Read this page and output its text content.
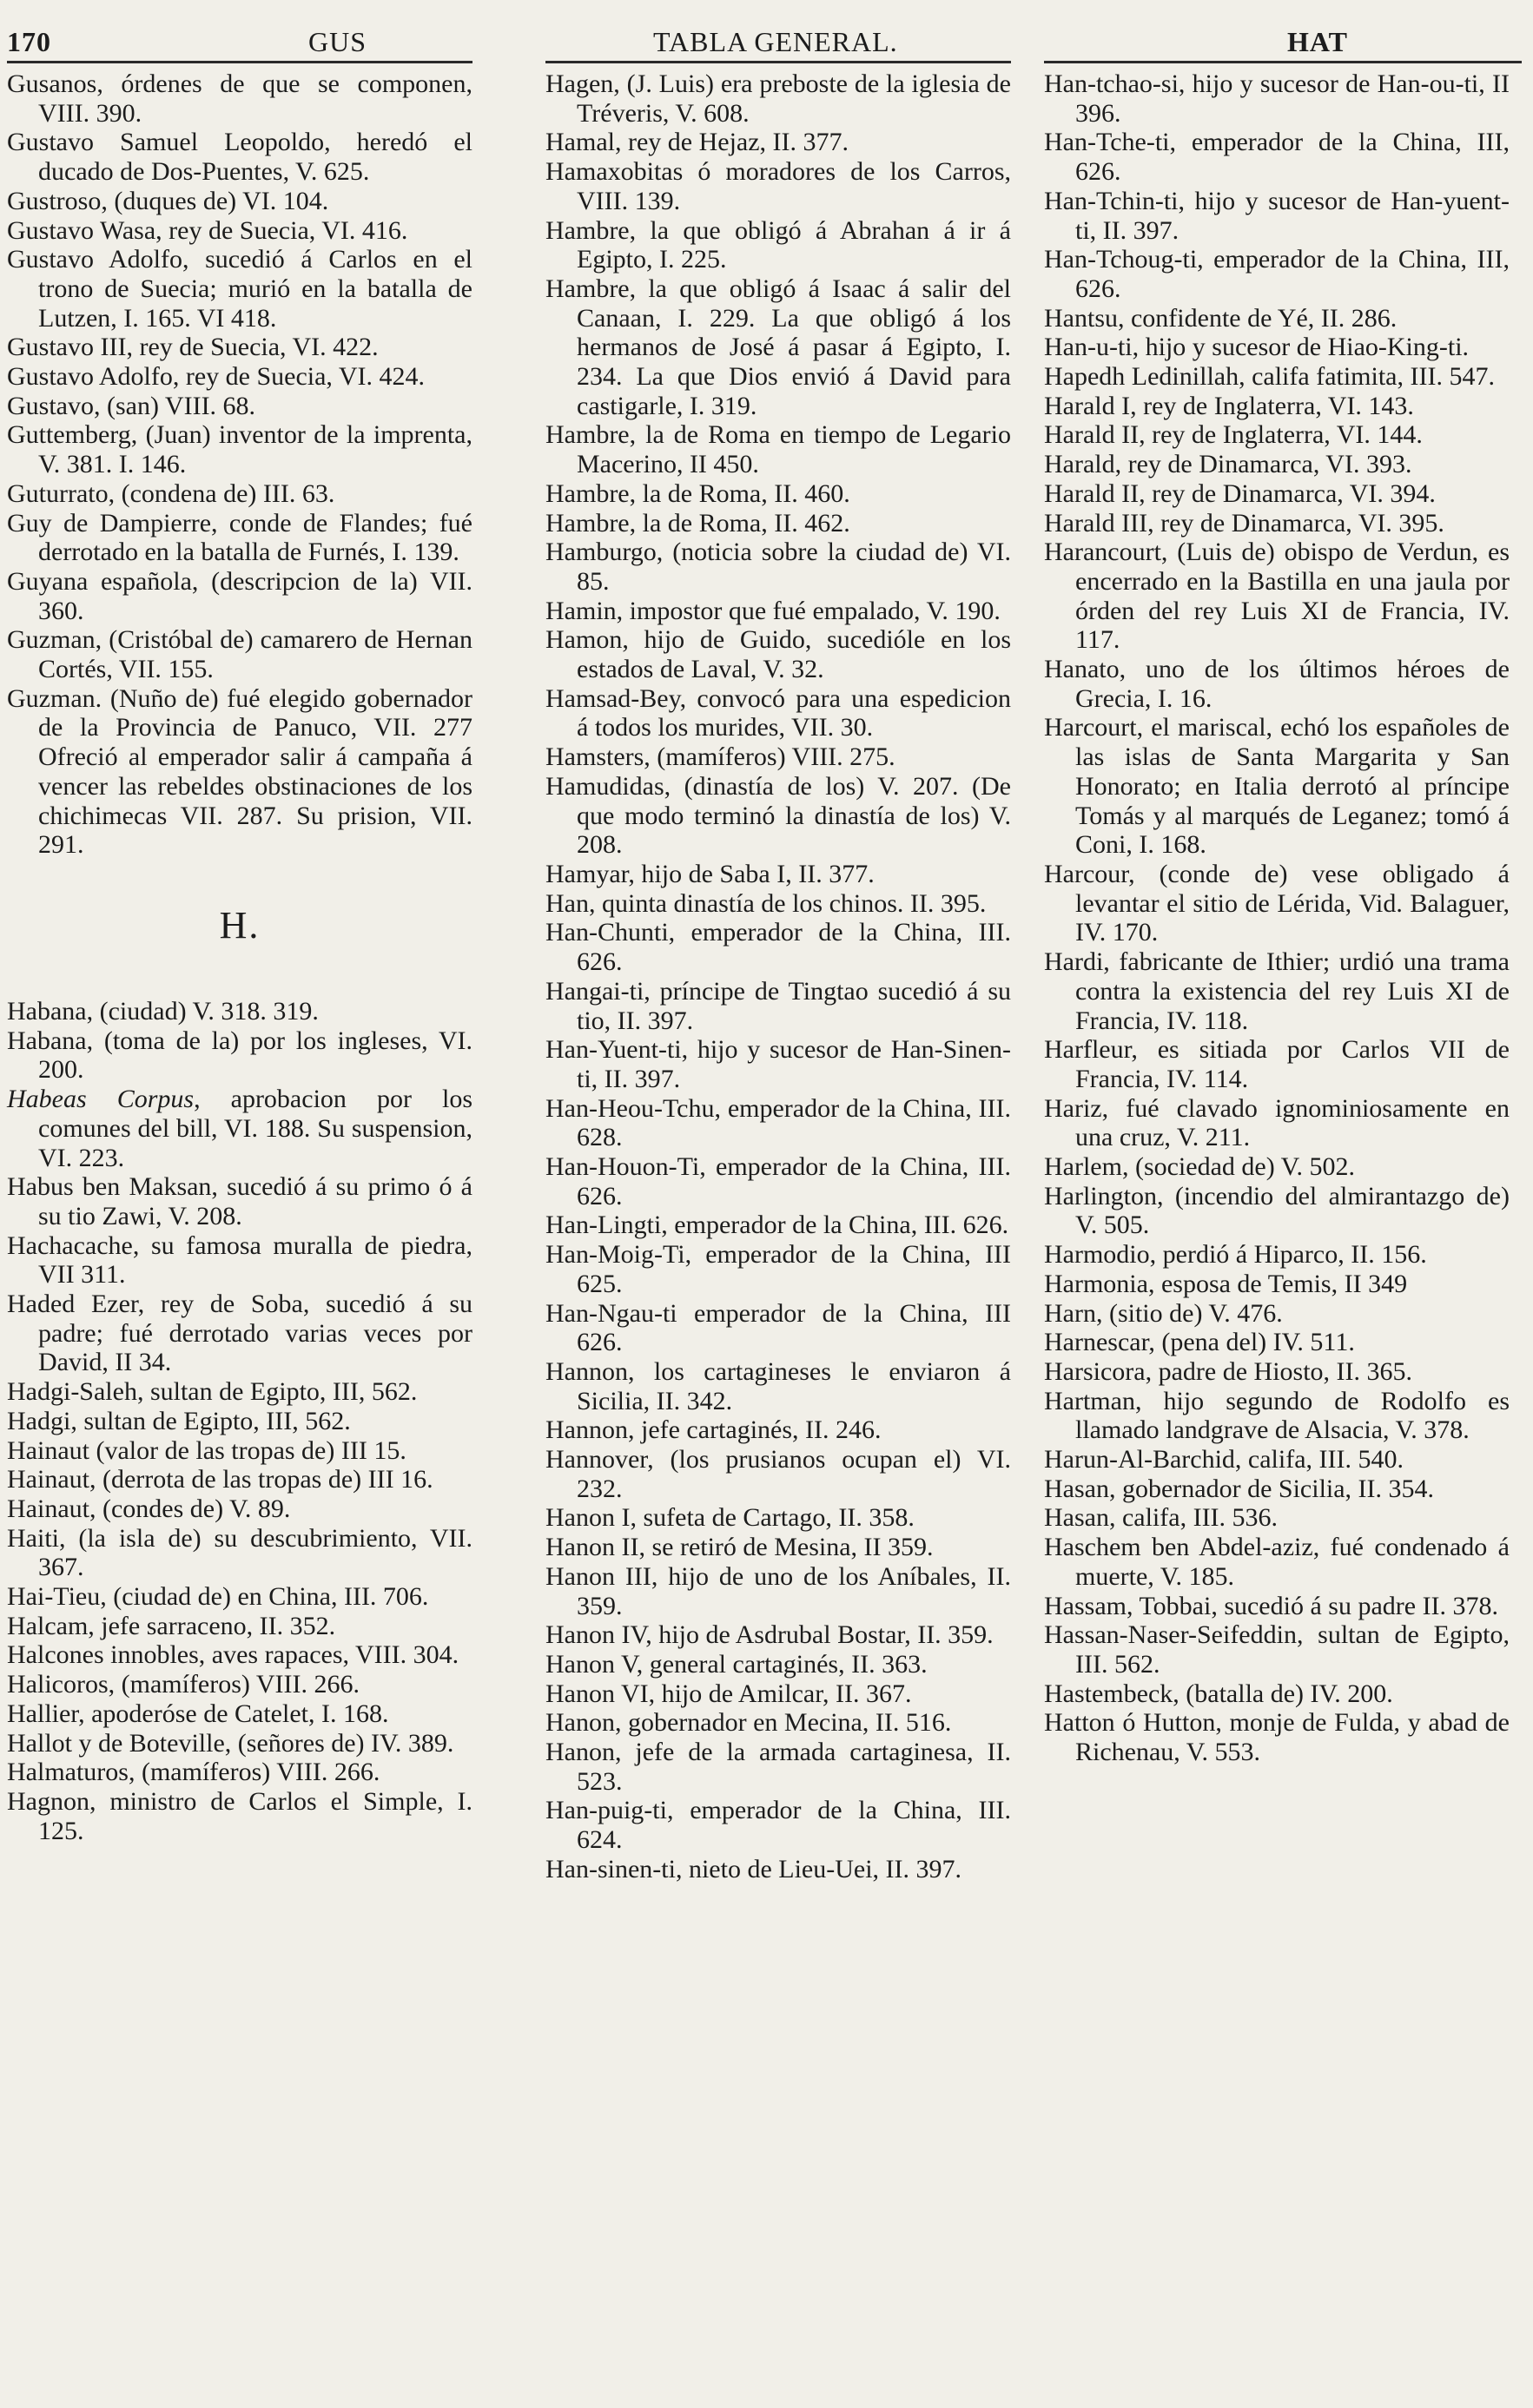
170	GUS	TABLA GENERAL.	HAT

Gusanos, órdenes de que se componen, VIII. 390.

Gustavo Samuel Leopoldo, heredó el ducado de Dos-Puentes, V. 625.

Gustroso, (duques de) VI. 104.

Gustavo Wasa, rey de Suecia, VI. 416.

Gustavo Adolfo, sucedió á Carlos en el trono de Suecia; murió en la batalla de Lutzen, I. 165. VI 418.

Gustavo III, rey de Suecia, VI. 422.

Gustavo Adolfo, rey de Suecia, VI. 424.

Gustavo, (san) VIII. 68.

Guttemberg, (Juan) inventor de la imprenta, V. 381. I. 146.

Guturrato, (condena de) III. 63.

Guy de Dampierre, conde de Flandes; fué derrotado en la batalla de Furnés, I. 139.

Guyana española, (descripcion de la) VII. 360.

Guzman, (Cristóbal de) camarero de Hernan Cortés, VII. 155.

Guzman. (Nuño de) fué elegido gobernador de la Provincia de Panuco, VII. 277 Ofreció al emperador salir á campaña á vencer las rebeldes obstinaciones de los chichimecas VII. 287. Su prision, VII. 291.

H.

Habana, (ciudad) V. 318. 319.

Habana, (toma de la) por los ingleses, VI. 200.

Habeas Corpus, aprobacion por los comunes del bill, VI. 188. Su suspension, VI. 223.

Habus ben Maksan, sucedió á su primo ó á su tio Zawi, V. 208.

Hachacache, su famosa muralla de piedra, VII 311.

Haded Ezer, rey de Soba, sucedió á su padre; fué derrotado varias veces por David, II 34.

Hadgi-Saleh, sultan de Egipto, III, 562.

Hadgi, sultan de Egipto, III, 562.

Hainaut (valor de las tropas de) III 15.

Hainaut, (derrota de las tropas de) III 16.

Hainaut, (condes de) V. 89.

Haiti, (la isla de) su descubrimiento, VII. 367.

Hai-Tieu, (ciudad de) en China, III. 706.

Halcam, jefe sarraceno, II. 352.

Halcones innobles, aves rapaces, VIII. 304.

Halicoros, (mamíferos) VIII. 266.

Hallier, apoderóse de Catelet, I. 168.

Hallot y de Boteville, (señores de) IV. 389.

Halmaturos, (mamíferos) VIII. 266.

Hagnon, ministro de Carlos el Simple, I. 125.

Hagen, (J. Luis) era preboste de la iglesia de Tréveris, V. 608.

Hamal, rey de Hejaz, II. 377.

Hamaxobitas ó moradores de los Carros, VIII. 139.

Hambre, la que obligó á Abrahan á ir á Egipto, I. 225.

Hambre, la que obligó á Isaac á salir del Canaan, I. 229. La que obligó á los hermanos de José á pasar á Egipto, I. 234. La que Dios envió á David para castigarle, I. 319.

Hambre, la de Roma en tiempo de Legario Macerino, II 450.

Hambre, la de Roma, II. 460.

Hambre, la de Roma, II. 462.

Hamburgo, (noticia sobre la ciudad de) VI. 85.

Hamin, impostor que fué empalado, V. 190.

Hamon, hijo de Guido, sucedióle en los estados de Laval, V. 32.

Hamsad-Bey, convocó para una espedicion á todos los murides, VII. 30.

Hamsters, (mamíferos) VIII. 275.

Hamudidas, (dinastía de los) V. 207. (De que modo terminó la dinastía de los) V. 208.

Hamyar, hijo de Saba I, II. 377.

Han, quinta dinastía de los chinos. II. 395.

Han-Chunti, emperador de la China, III. 626.

Hangai-ti, príncipe de Tingtao sucedió á su tio, II. 397.

Han-Yuent-ti, hijo y sucesor de Han-Sinen-ti, II. 397.

Han-Heou-Tchu, emperador de la China, III. 628.

Han-Houon-Ti, emperador de la China, III. 626.

Han-Lingti, emperador de la China, III. 626.

Han-Moig-Ti, emperador de la China, III 625.

Han-Ngau-ti emperador de la China, III 626.

Hannon, los cartagineses le enviaron á Sicilia, II. 342.

Hannon, jefe cartaginés, II. 246.

Hannover, (los prusianos ocupan el) VI. 232.

Hanon I, sufeta de Cartago, II. 358.

Hanon II, se retiró de Mesina, II 359.

Hanon III, hijo de uno de los Aníbales, II. 359.

Hanon IV, hijo de Asdrubal Bostar, II. 359.

Hanon V, general cartaginés, II. 363.

Hanon VI, hijo de Amilcar, II. 367.

Hanon, gobernador en Mecina, II. 516.

Hanon, jefe de la armada cartaginesa, II. 523.

Han-puig-ti, emperador de la China, III. 624.

Han-sinen-ti, nieto de Lieu-Uei, II. 397.

Han-tchao-si, hijo y sucesor de Han-ou-ti, II 396.

Han-Tche-ti, emperador de la China, III, 626.

Han-Tchin-ti, hijo y sucesor de Han-yuent-ti, II. 397.

Han-Tchoug-ti, emperador de la China, III, 626.

Hantsu, confidente de Yé, II. 286.

Han-u-ti, hijo y sucesor de Hiao-King-ti.

Hapedh Ledinillah, califa fatimita, III. 547.

Harald I, rey de Inglaterra, VI. 143.

Harald II, rey de Inglaterra, VI. 144.

Harald, rey de Dinamarca, VI. 393.

Harald II, rey de Dinamarca, VI. 394.

Harald III, rey de Dinamarca, VI. 395.

Harancourt, (Luis de) obispo de Verdun, es encerrado en la Bastilla en una jaula por órden del rey Luis XI de Francia, IV. 117.

Hanato, uno de los últimos héroes de Grecia, I. 16.

Harcourt, el mariscal, echó los españoles de las islas de Santa Margarita y San Honorato; en Italia derrotó al príncipe Tomás y al marqués de Leganez; tomó á Coni, I. 168.

Harcour, (conde de) vese obligado á levantar el sitio de Lérida, Vid. Balaguer, IV. 170.

Hardi, fabricante de Ithier; urdió una trama contra la existencia del rey Luis XI de Francia, IV. 118.

Harfleur, es sitiada por Carlos VII de Francia, IV. 114.

Hariz, fué clavado ignominiosamente en una cruz, V. 211.

Harlem, (sociedad de) V. 502.

Harlington, (incendio del almirantazgo de) V. 505.

Harmodio, perdió á Hiparco, II. 156.

Harmonia, esposa de Temis, II 349

Harn, (sitio de) V. 476.

Harnescar, (pena del) IV. 511.

Harsicora, padre de Hiosto, II. 365.

Hartman, hijo segundo de Rodolfo es llamado landgrave de Alsacia, V. 378.

Harun-Al-Barchid, califa, III. 540.

Hasan, gobernador de Sicilia, II. 354.

Hasan, califa, III. 536.

Haschem ben Abdel-aziz, fué condenado á muerte, V. 185.

Hassam, Tobbai, sucedió á su padre II. 378.

Hassan-Naser-Seifeddin, sultan de Egipto, III. 562.

Hastembeck, (batalla de) IV. 200.

Hatton ó Hutton, monje de Fulda, y abad de Richenau, V. 553.
